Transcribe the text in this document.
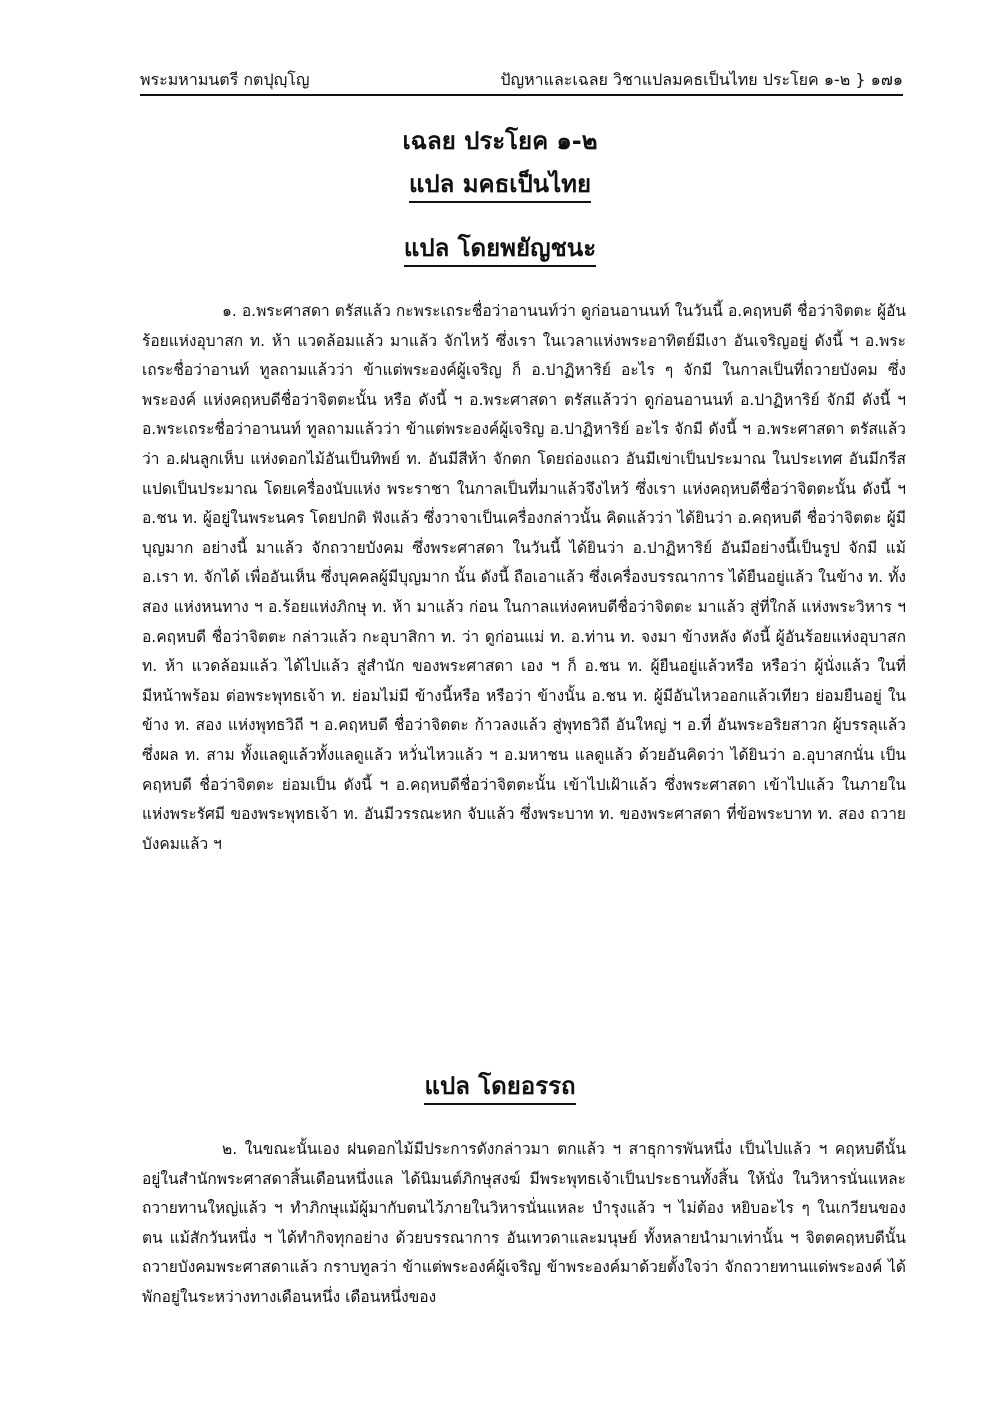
พระมหามนตรี กตปุญฺโญ	ปัญหาและเฉลย วิชาแปลมคธเป็นไทย ประโยค ๑-๒ } ๑๗๑
เฉลย ประโยค ๑-๒
แปล มคธเป็นไทย
แปล โดยพยัญชนะ

๑. อ.พระศาสดา ตรัสแล้ว กะพระเถระชื่อว่าอานนท์ว่า ดูก่อนอานนท์ ในวันนี้ อ.คฤหบดี ชื่อว่าจิตตะ ผู้อันร้อยแห่งอุบาสก ท. ห้า แวดล้อมแล้ว มาแล้ว จักไหว้ ซึ่งเรา ในเวลาแห่งพระอาทิตย์มีเงา อันเจริญอยู่ ดังนี้ ฯ อ.พระเถระชื่อว่าอานท์ ทูลถามแล้วว่า ข้าแต่พระองค์ผู้เจริญ ก็ อ.ปาฏิหาริย์ อะไร ๆ จักมี ในกาลเป็นที่ถวายบังคม ซึ่งพระองค์ แห่งคฤหบดีชื่อว่าจิตตะนั้น หรือ ดังนี้ ฯ อ.พระศาสดา ตรัสแล้วว่า ดูก่อนอานนท์ อ.ปาฏิหาริย์ จักมี ดังนี้ ฯ อ.พระเถระชื่อว่าอานนท์ ทูลถามแล้วว่า ข้าแต่พระองค์ผู้เจริญ อ.ปาฏิหาริย์ อะไร จักมี ดังนี้ ฯ อ.พระศาสดา ตรัสแล้วว่า อ.ฝนลูกเห็บ แห่งดอกไม้อันเป็นทิพย์ ท. อันมีสีห้า จักตก โดยถ่องแถว อันมีเข่าเป็นประมาณ ในประเทศ อันมีกรีสแปดเป็นประมาณ โดยเครื่องนับแห่ง พระราชา ในกาลเป็นที่มาแล้วจึงไหว้ ซึ่งเรา แห่งคฤหบดีชื่อว่าจิตตะนั้น ดังนี้ ฯ อ.ชน ท. ผู้อยู่ในพระนคร โดยปกติ ฟังแล้ว ซึ่งวาจาเป็นเครื่องกล่าวนั้น คิดแล้วว่า ได้ยินว่า อ.คฤหบดี ชื่อว่าจิตตะ ผู้มีบุญมาก อย่างนี้ มาแล้ว จักถวายบังคม ซึ่งพระศาสดา ในวันนี้ ได้ยินว่า อ.ปาฏิหาริย์ อันมีอย่างนี้เป็นรูป จักมี แม้ อ.เรา ท. จักได้ เพื่ออันเห็น ซึ่งบุคคลผู้มีบุญมาก นั้น ดังนี้ ถือเอาแล้ว ซึ่งเครื่องบรรณาการ ได้ยืนอยู่แล้ว ในข้าง ท. ทั้งสอง แห่งหนทาง ฯ อ.ร้อยแห่งภิกษุ ท. ห้า มาแล้ว ก่อน ในกาลแห่งคหบดีชื่อว่าจิตตะ มาแล้ว สู่ที่ใกล้ แห่งพระวิหาร ฯ อ.คฤหบดี ชื่อว่าจิตตะ กล่าวแล้ว กะอุบาสิกา ท. ว่า ดูก่อนแม่ ท. อ.ท่าน ท. จงมา ข้างหลัง ดังนี้ ผู้อันร้อยแห่งอุบาสก ท. ห้า แวดล้อมแล้ว ได้ไปแล้ว สู่สำนัก ของพระศาสดา เอง ฯ ก็ อ.ชน ท. ผู้ยืนอยู่แล้วหรือ หรือว่า ผู้นั่งแล้ว ในที่มีหน้าพร้อม ต่อพระพุทธเจ้า ท. ย่อมไม่มี ข้างนี้หรือ หรือว่า ข้างนั้น อ.ชน ท. ผู้มีอันไหวออกแล้วเทียว ย่อมยืนอยู่ ในข้าง ท. สอง แห่งพุทธวิถี ฯ อ.คฤหบดี ชื่อว่าจิตตะ ก้าวลงแล้ว สู่พุทธวิถี อันใหญ่ ฯ อ.ที่ อันพระอริยสาวก ผู้บรรลุแล้ว ซึ่งผล ท. สาม ทั้งแลดูแล้วทั้งแลดูแล้ว หวั่นไหวแล้ว ฯ อ.มหาชน แลดูแล้ว ด้วยอันคิดว่า ได้ยินว่า อ.อุบาสกนั่น เป็นคฤหบดี ชื่อว่าจิตตะ ย่อมเป็น ดังนี้ ฯ อ.คฤหบดีชื่อว่าจิตตะนั้น เข้าไปเฝ้าแล้ว ซึ่งพระศาสดา เข้าไปแล้ว ในภายใน แห่งพระรัศมี ของพระพุทธเจ้า ท. อันมีวรรณะหก จับแล้ว ซึ่งพระบาท ท. ของพระศาสดา ที่ข้อพระบาท ท. สอง ถวายบังคมแล้ว ฯ

แปล โดยอรรถ

๒. ในขณะนั้นเอง ฝนดอกไม้มีประการดังกล่าวมา ตกแล้ว ฯ สาธุการพันหนึ่ง เป็นไปแล้ว ฯ คฤหบดีนั้น อยู่ในสำนักพระศาสดาสิ้นเดือนหนึ่งแล ได้นิมนต์ภิกษุสงฆ์ มีพระพุทธเจ้าเป็นประธานทั้งสิ้น ให้นั่ง ในวิหารนั่นแหละ ถวายทานใหญ่แล้ว ฯ ทำภิกษุแม้ผู้มากับตนไว้ภายในวิหารนั่นแหละ บำรุงแล้ว ฯ ไม่ต้อง หยิบอะไร ๆ ในเกวียนของตน แม้สักวันหนึ่ง ฯ ได้ทำกิจทุกอย่าง ด้วยบรรณาการ อันเทวดาและมนุษย์ ทั้งหลายนำมาเท่านั้น ฯ จิตตคฤหบดีนั้น ถวายบังคมพระศาสดาแล้ว กราบทูลว่า ข้าแต่พระองค์ผู้เจริญ ข้าพระองค์มาด้วยตั้งใจว่า จักถวายทานแด่พระองค์ ได้พักอยู่ในระหว่างทางเดือนหนึ่ง เดือนหนึ่งของ
